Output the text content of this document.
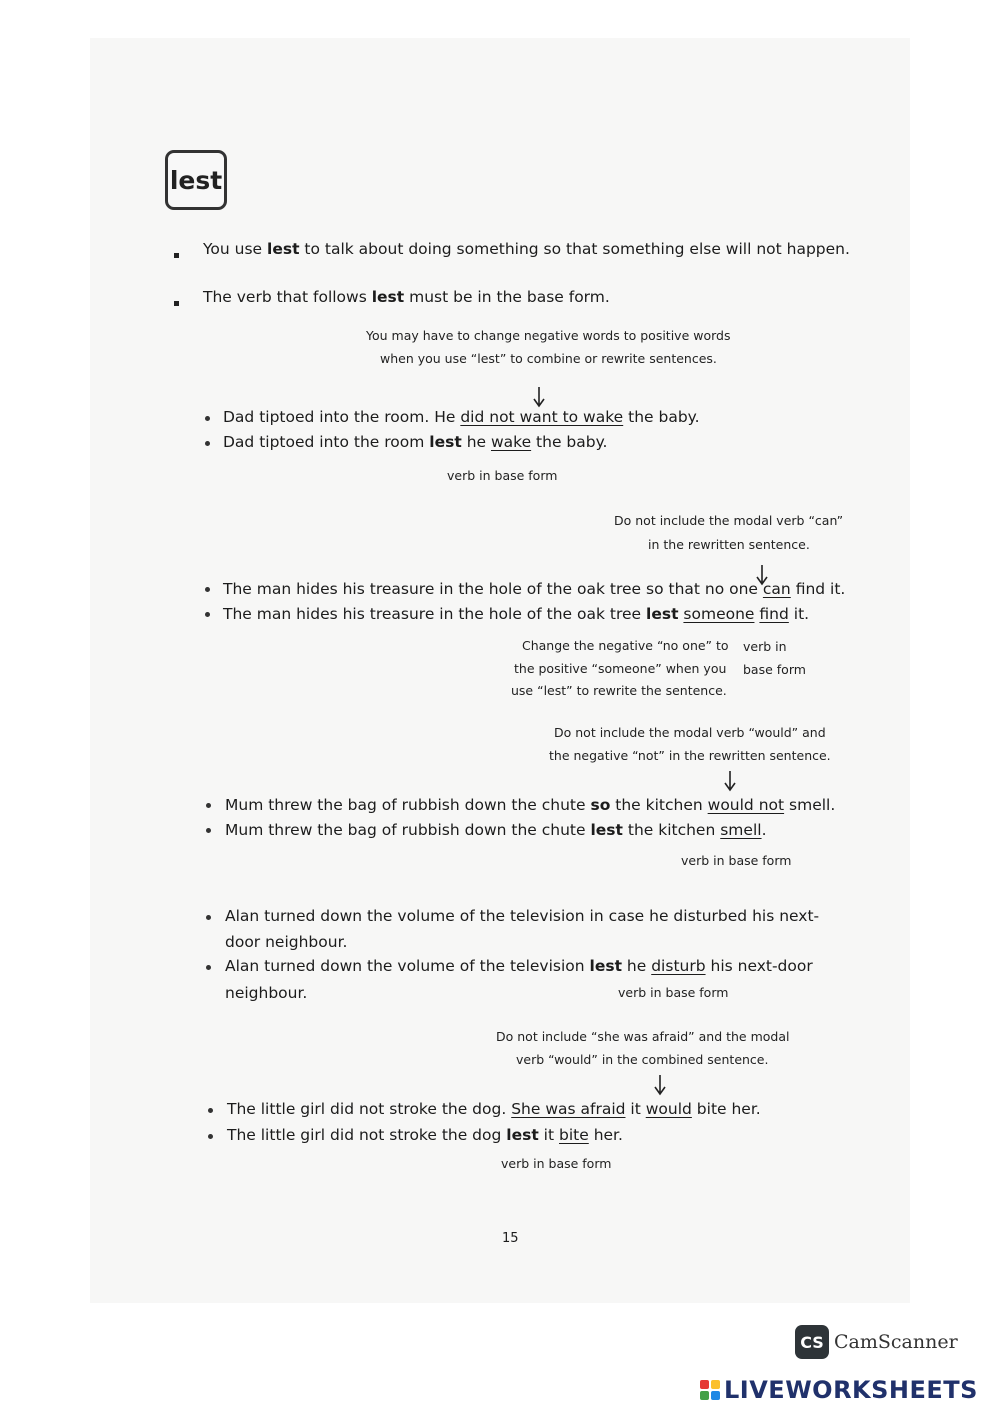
lest
You use lest to talk about doing something so that something else will not happen.
The verb that follows lest must be in the base form.
You may have to change negative words to positive words
when you use “lest” to combine or rewrite sentences.
Dad tiptoed into the room. He did not want to wake the baby.
Dad tiptoed into the room lest he wake the baby.
verb in base form
Do not include the modal verb “can”
in the rewritten sentence.
The man hides his treasure in the hole of the oak tree so that no one can find it.
The man hides his treasure in the hole of the oak tree lest someone find it.
Change the negative “no one” to
the positive “someone” when you
use “lest” to rewrite the sentence.
verb in
base form
Do not include the modal verb “would” and
the negative “not” in the rewritten sentence.
Mum threw the bag of rubbish down the chute so the kitchen would not smell.
Mum threw the bag of rubbish down the chute lest the kitchen smell.
verb in base form
Alan turned down the volume of the television in case he disturbed his next-
door neighbour.
Alan turned down the volume of the television lest he disturb his next-door
neighbour.	verb in base form
Do not include “she was afraid” and the modal
verb “would” in the combined sentence.
The little girl did not stroke the dog. She was afraid it would bite her.
The little girl did not stroke the dog lest it bite her.
verb in base form
15
CS CamScanner
LIVEWORKSHEETS
